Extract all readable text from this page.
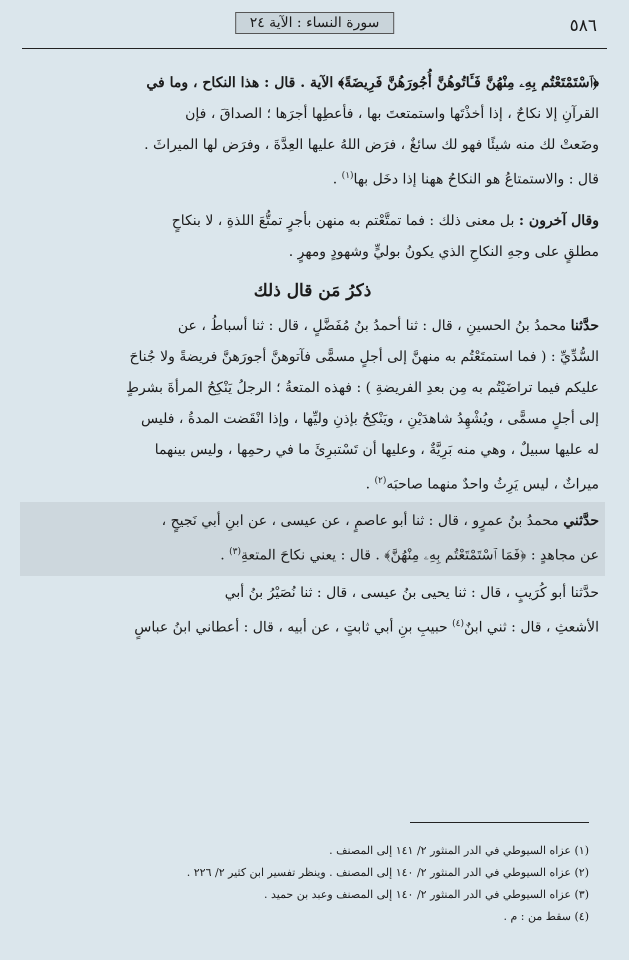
٥٨٦
سورة النساء : الآية ٢٤
﴿ٱسْتَمْتَعْتُم بِهِۦ مِنْهُنَّ فَـَٔاتُوهُنَّ أُجُورَهُنَّ فَرِيضَةً﴾ الآية . قال : هذا النكاح ، وما في
القرآنِ إلا نكاحٌ ، إذا أخذْتَها واستمتعتَ بها ، فأعطِها أجرَها ؛ الصداقَ ، فإن
وضَعتْ لك منه شيئًا فهو لك سائغٌ ، فرَض اللهُ عليها العِدَّةَ ، وفرَض لها الميراثَ .
قال : والاستمتاعُ هو النكاحُ ههنا إذا دخَل بها$^{(١)}$ .
وقال آخرون : بل معنى ذلك : فما تمتَّعْتم به منهن بأجرٍ تمتُّعَ اللذةِ ، لا بنكاحٍ
مطلقٍ على وجهِ النكاحِ الذي يكونُ بوليٍّ وشهودٍ ومهرٍ .
ذكرُ مَن قال ذلك
حدَّثنا محمدُ بنُ الحسينِ ، قال : ثنا أحمدُ بنُ مُفَضَّلٍ ، قال : ثنا أسباطُ ، عن
السُّدِّيِّ : ( فما استمتَعْتُم به منهنَّ إلى أجلٍ مسمًّى فآتوهنَّ أجورَهنَّ فريضةً ولا جُناحَ
عليكم فيما تراضَيْتُم به مِن بعدِ الفريضةِ ) : فهذه المتعةُ ؛ الرجلُ يَنْكِحُ المرأةَ بشرطٍ
إلى أجلٍ مسمًّى ، ويُشْهِدُ شاهدَيْنِ ، ويَنْكِحُ بإذنِ وليِّها ، وإذا انْقَضت المدةُ ، فليس
له عليها سبيلٌ ، وهي منه بَرِيَّةٌ ، وعليها أن تَسْتبرِئَ ما في رحمِها ، وليس بينهما
ميراثٌ ، ليس يَرِثُ واحدٌ منهما صاحبَه$^{(٢)}$ .
حدَّثني محمدُ بنُ عمرٍو ، قال : ثنا أبو عاصمٍ ، عن عيسى ، عن ابنِ أبي نَجيحٍ ،
عن مجاهدٍ : ﴿فَمَا ٱسْتَمْتَعْتُم بِهِۦ مِنْهُنَّ﴾ . قال : يعني نكاحَ المتعةِ$^{(٣)}$ .
حدَّثنا أبو كُرَيبٍ ، قال : ثنا يحيى بنُ عيسى ، قال : ثنا نُصَيْرُ بنُ أبي
الأشعثِ ، قال : ثني ابنٌ$^{(٤)}$ حبيبِ بنِ أبي ثابتٍ ، عن أبيه ، قال : أعطاني ابنُ عباسٍ
(١) عزاه السيوطي في الدر المنثور ٢/ ١٤١ إلى المصنف .
(٢) عزاه السيوطي في الدر المنثور ٢/ ١٤٠ إلى المصنف . وينظر تفسير ابن كثير ٢/ ٢٢٦ .
(٣) عزاه السيوطي في الدر المنثور ٢/ ١٤٠ إلى المصنف وعبد بن حميد .
(٤) سقط من : م .
